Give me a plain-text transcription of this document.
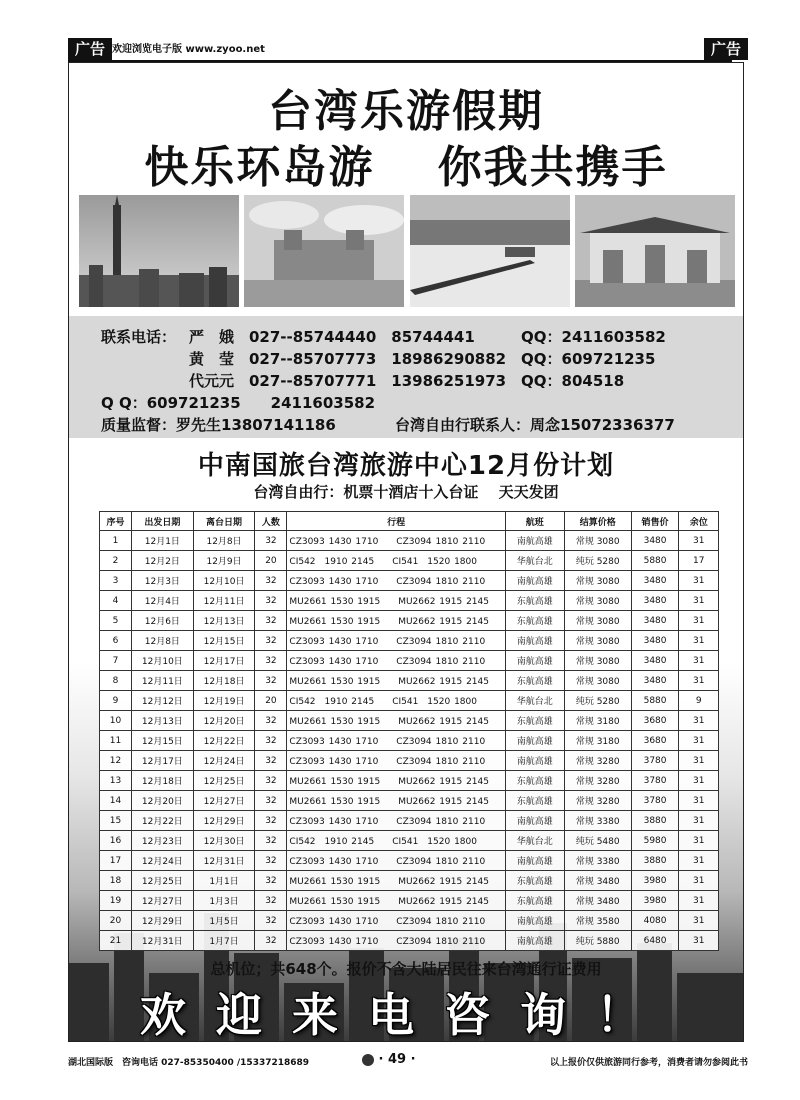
广告 欢迎浏览电子版 www.zyoo.net	广告
台湾乐游假期
快乐环岛游　 你我共携手
联系电话： 严　娥 027--85744440　85744441	QQ：2411603582
黄　莹 027--85707773　18986290882 QQ：609721235
代元元 027--85707771　13986251973 QQ：804518
Q Q：609721235　　2411603582
质量监督：罗先生13807141186	台湾自由行联系人：周念15072336377
中南国旅台湾旅游中心12月份计划
台湾自由行：机票十酒店十入台证　 天天发团
序号	出发日期	离台日期	人数	行程	航班	结算价格	销售价	余位
1	12月1日	12月8日	32	CZ3093 1430 1710　　CZ3094 1810 2110	南航高雄	常规 3080	3480	31
2	12月2日	12月9日	20	CI542　1910 2145　　CI541　1520 1800	华航台北	纯玩 5280	5880	17
3	12月3日	12月10日	32	CZ3093 1430 1710　　CZ3094 1810 2110	南航高雄	常规 3080	3480	31
4	12月4日	12月11日	32	MU2661 1530 1915　　MU2662 1915 2145	东航高雄	常规 3080	3480	31
5	12月6日	12月13日	32	MU2661 1530 1915　　MU2662 1915 2145	东航高雄	常规 3080	3480	31
6	12月8日	12月15日	32	CZ3093 1430 1710　　CZ3094 1810 2110	南航高雄	常规 3080	3480	31
7	12月10日	12月17日	32	CZ3093 1430 1710　　CZ3094 1810 2110	南航高雄	常规 3080	3480	31
8	12月11日	12月18日	32	MU2661 1530 1915　　MU2662 1915 2145	东航高雄	常规 3080	3480	31
9	12月12日	12月19日	20	CI542　1910 2145　　CI541　1520 1800	华航台北	纯玩 5280	5880	9
10	12月13日	12月20日	32	MU2661 1530 1915　　MU2662 1915 2145	东航高雄	常规 3180	3680	31
11	12月15日	12月22日	32	CZ3093 1430 1710　　CZ3094 1810 2110	南航高雄	常规 3180	3680	31
12	12月17日	12月24日	32	CZ3093 1430 1710　　CZ3094 1810 2110	南航高雄	常规 3280	3780	31
13	12月18日	12月25日	32	MU2661 1530 1915　　MU2662 1915 2145	东航高雄	常规 3280	3780	31
14	12月20日	12月27日	32	MU2661 1530 1915　　MU2662 1915 2145	东航高雄	常规 3280	3780	31
15	12月22日	12月29日	32	CZ3093 1430 1710　　CZ3094 1810 2110	南航高雄	常规 3380	3880	31
16	12月23日	12月30日	32	CI542　1910 2145　　CI541　1520 1800	华航台北	纯玩 5480	5980	31
17	12月24日	12月31日	32	CZ3093 1430 1710　　CZ3094 1810 2110	南航高雄	常规 3380	3880	31
18	12月25日	1月1日	32	MU2661 1530 1915　　MU2662 1915 2145	东航高雄	常规 3480	3980	31
19	12月27日	1月3日	32	MU2661 1530 1915　　MU2662 1915 2145	东航高雄	常规 3480	3980	31
20	12月29日	1月5日	32	CZ3093 1430 1710　　CZ3094 1810 2110	南航高雄	常规 3580	4080	31
21	12月31日	1月7日	32	CZ3093 1430 1710　　CZ3094 1810 2110	南航高雄	纯玩 5880	6480	31
总机位；共648个。报价不含大陆居民往来台湾通行证费用
欢迎来电咨询！
湖北国际版　咨询电话 027-85350400 /15337218689	· 49 ·	以上报价仅供旅游同行参考，消费者请勿参阅此书
